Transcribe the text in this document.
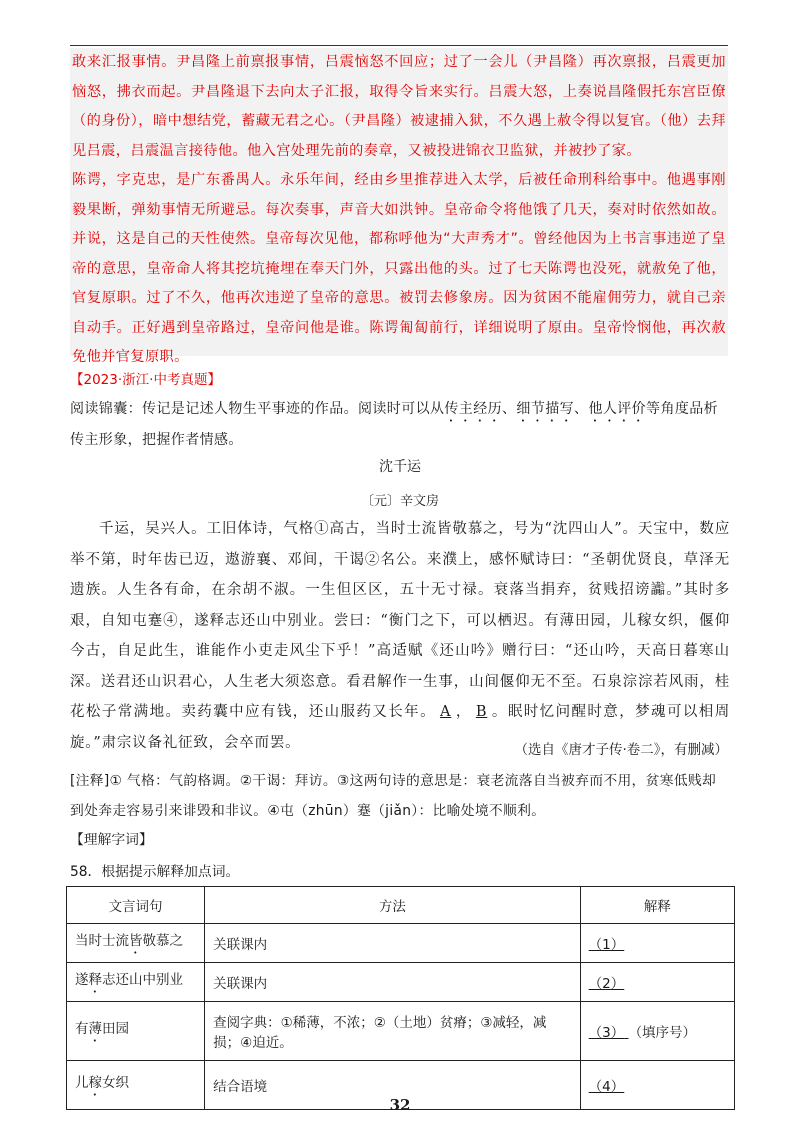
敢来汇报事情。尹昌隆上前禀报事情，吕震恼怒不回应；过了一会儿（尹昌隆）再次禀报，吕震更加恼怒，拂衣而起。尹昌隆退下去向太子汇报，取得令旨来实行。吕震大怒，上奏说昌隆假托东宫臣僚（的身份），暗中想结党，蓄藏无君之心。（尹昌隆）被逮捕入狱，不久遇上赦令得以复官。（他）去拜见吕震，吕震温言接待他。他入宫处理先前的奏章，又被投进锦衣卫监狱，并被抄了家。

陈谔，字克忠，是广东番禺人。永乐年间，经由乡里推荐进入太学，后被任命刑科给事中。他遇事刚毅果断，弹劾事情无所避忌。每次奏事，声音大如洪钟。皇帝命令将他饿了几天，奏对时依然如故。并说，这是自己的天性使然。皇帝每次见他，都称呼他为“大声秀才”。曾经他因为上书言事违逆了皇帝的意思，皇帝命人将其挖坑掩埋在奉天门外，只露出他的头。过了七天陈谔也没死，就赦免了他，官复原职。过了不久，他再次违逆了皇帝的意思。被罚去修象房。因为贫困不能雇佣劳力，就自己亲自动手。正好遇到皇帝路过，皇帝问他是谁。陈谔匍匐前行，详细说明了原由。皇帝怜悯他，再次赦免他并官复原职。

【2023·浙江·中考真题】
阅读锦囊：传记是记述人物生平事迹的作品。阅读时可以从传主经历、细节描写、他人评价等角度品析传主形象，把握作者情感。
沈千运
〔元〕辛文房

千运，吴兴人。工旧体诗，气格①高古，当时士流皆敬慕之，号为“沈四山人”。天宝中，数应举不第，时年齿已迈，遨游襄、邓间，干谒②名公。来濮上，感怀赋诗曰：“圣朝优贤良，草泽无遗族。人生各有命，在余胡不淑。一生但区区，五十无寸禄。衰落当捐弃，贫贱招谤讟。”其时多艰，自知屯蹇④，遂释志还山中别业。尝曰：“衡门之下，可以栖迟。有薄田园，儿稼女织，偃仰今古，自足此生，谁能作小吏走风尘下乎！”高适赋《还山吟》赠行曰：“还山吟，天高日暮寒山深。送君还山识君心，人生老大须恣意。看君解作一生事，山间偃仰无不至。石泉淙淙若风雨，桂花松子常满地。卖药囊中应有钱，还山服药又长年。 A ， B 。眠时忆问醒时意，梦魂可以相周旋。”肃宗议备礼征致，会卒而罢。	（选自《唐才子传·卷二》，有删减）
[注释]① 气格：气韵格调。②干谒：拜访。③这两句诗的意思是：衰老流落自当被弃而不用，贫寒低贱却到处奔走容易引来诽毁和非议。④屯（zhūn）蹇（jiǎn）：比喻处境不顺利。
【理解字词】
58．根据提示解释加点词。
文言词句	方法	解释
当时士流皆敬慕之	关联课内	（1）
遂释志还山中别业	关联课内	（2）
有薄田园	查阅字典：①稀薄，不浓；②（土地）贫瘠；③减轻，减损；④迫近。	（3） （填序号）
儿稼女织	结合语境	（4）
32
